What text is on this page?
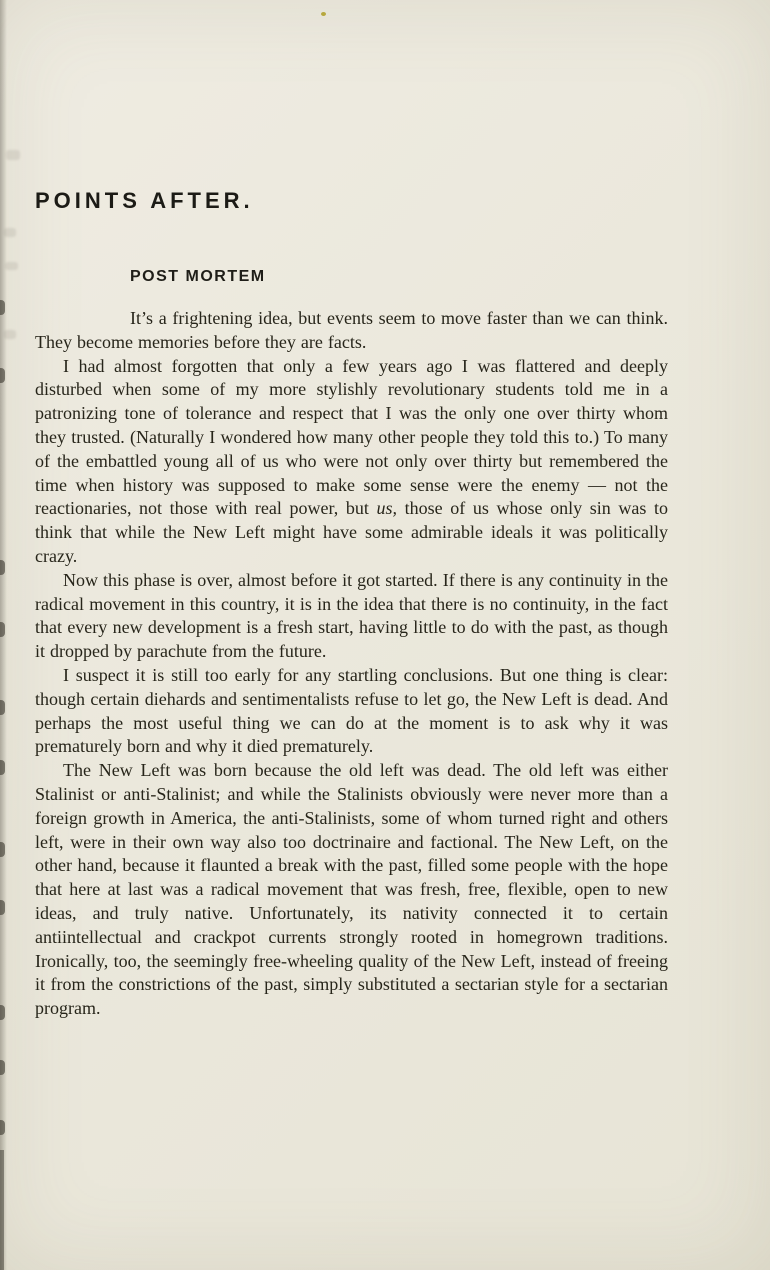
POINTS AFTER.
POST MORTEM

It’s a frightening idea, but events seem to move faster than we can think. They become memories before they are facts.

I had almost forgotten that only a few years ago I was flattered and deeply disturbed when some of my more stylishly revolutionary students told me in a patronizing tone of tolerance and respect that I was the only one over thirty whom they trusted. (Naturally I wondered how many other people they told this to.) To many of the embattled young all of us who were not only over thirty but remembered the time when history was supposed to make some sense were the enemy — not the reactionaries, not those with real power, but us, those of us whose only sin was to think that while the New Left might have some admirable ideals it was politically crazy.

Now this phase is over, almost before it got started. If there is any continuity in the radical movement in this country, it is in the idea that there is no continuity, in the fact that every new development is a fresh start, having little to do with the past, as though it dropped by parachute from the future.

I suspect it is still too early for any startling conclusions. But one thing is clear: though certain diehards and sentimentalists refuse to let go, the New Left is dead. And perhaps the most useful thing we can do at the moment is to ask why it was prematurely born and why it died prematurely.

The New Left was born because the old left was dead. The old left was either Stalinist or anti-Stalinist; and while the Stalinists obviously were never more than a foreign growth in America, the anti-Stalinists, some of whom turned right and others left, were in their own way also too doctrinaire and factional. The New Left, on the other hand, because it flaunted a break with the past, filled some people with the hope that here at last was a radical movement that was fresh, free, flexible, open to new ideas, and truly native. Unfortunately, its nativity connected it to certain antiintellectual and crackpot currents strongly rooted in homegrown traditions. Ironically, too, the seemingly free-wheeling quality of the New Left, instead of freeing it from the constrictions of the past, simply substituted a sectarian style for a sectarian program.
